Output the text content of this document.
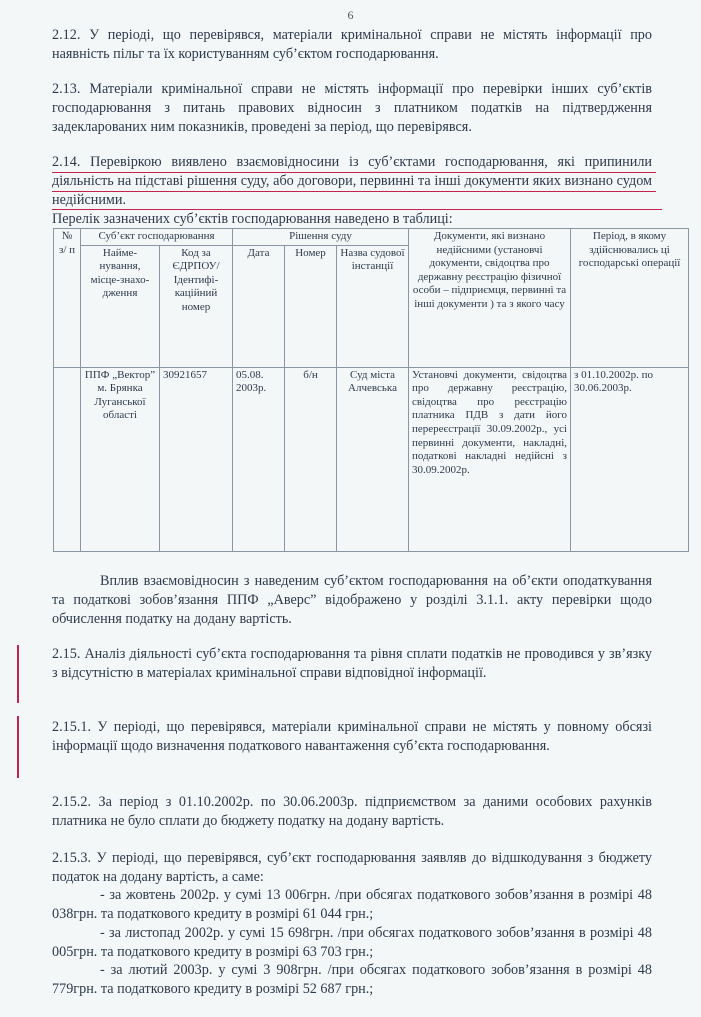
6

2.12. У періоді, що перевірявся, матеріали кримінальної справи не містять інформації про наявність пільг та їх користуванням суб’єктом господарювання.

2.13. Матеріали кримінальної справи не містять інформації про перевірки інших суб’єктів господарювання з питань правових відносин з платником податків на підтвердження задекларованих ним показників, проведені за період, що перевірявся.

2.14. Перевіркою виявлено взаємовідносини із суб’єктами господарювання, які припинили діяльність на підставі рішення суду, або договори, первинні та інші документи яких визнано судом недійсними.

Перелік зазначених суб’єктів господарювання наведено в таблиці:
№ з/ п	Суб’єкт господарювання		Рішення суду			Документи, які визнано недійсними (установчі документи, свідоцтва про державну реєстрацію фізичної особи – підприємця, первинні та інші документи ) та з якого часу	Період, в якому здійснювались ці господарські операції
	Найме-нування, місце-знахо-дження	Код за ЄДРПОУ/ Ідентифі-каційний номер	Дата	Номер	Назва судової інстанції		
	ППФ „Вектор” м. Брянка Луганської області	30921657	05.08. 2003р.	б/н	Суд міста Алчевська	Установчі документи, свідоцтва про державну реєстрацію, свідоцтва про реєстрацію платника ПДВ з дати його перереєстрації 30.09.2002р., усі первинні документи, накладні, податкові накладні недійсні з 30.09.2002р.	з 01.10.2002р. по 30.06.2003р.

Вплив взаємовідносин з наведеним суб’єктом господарювання на об’єкти оподаткування та податкові зобов’язання ППФ „Аверс” відображено у розділі 3.1.1. акту перевірки щодо обчислення податку на додану вартість.

2.15. Аналіз діяльності суб’єкта господарювання та рівня сплати податків не проводився у зв’язку з відсутністю в матеріалах кримінальної справи відповідної інформації.

2.15.1. У періоді, що перевірявся, матеріали кримінальної справи не містять у повному обсязі інформації щодо визначення податкового навантаження суб’єкта господарювання.

2.15.2. За період з 01.10.2002р. по 30.06.2003р. підприємством за даними особових рахунків платника не було сплати до бюджету податку на додану вартість.

2.15.3. У періоді, що перевірявся, суб’єкт господарювання заявляв до відшкодування з бюджету податок на додану вартість, а саме:

- за жовтень 2002р. у сумі 13 006грн. /при обсягах податкового зобов’язання в розмірі 48 038грн. та податкового кредиту в розмірі 61 044 грн.;

- за листопад 2002р. у сумі 15 698грн. /при обсягах податкового зобов’язання в розмірі 48 005грн. та податкового кредиту в розмірі 63 703 грн.;

- за лютий 2003р. у сумі 3 908грн. /при обсягах податкового зобов’язання в розмірі 48 779грн. та податкового кредиту в розмірі 52 687 грн.;
